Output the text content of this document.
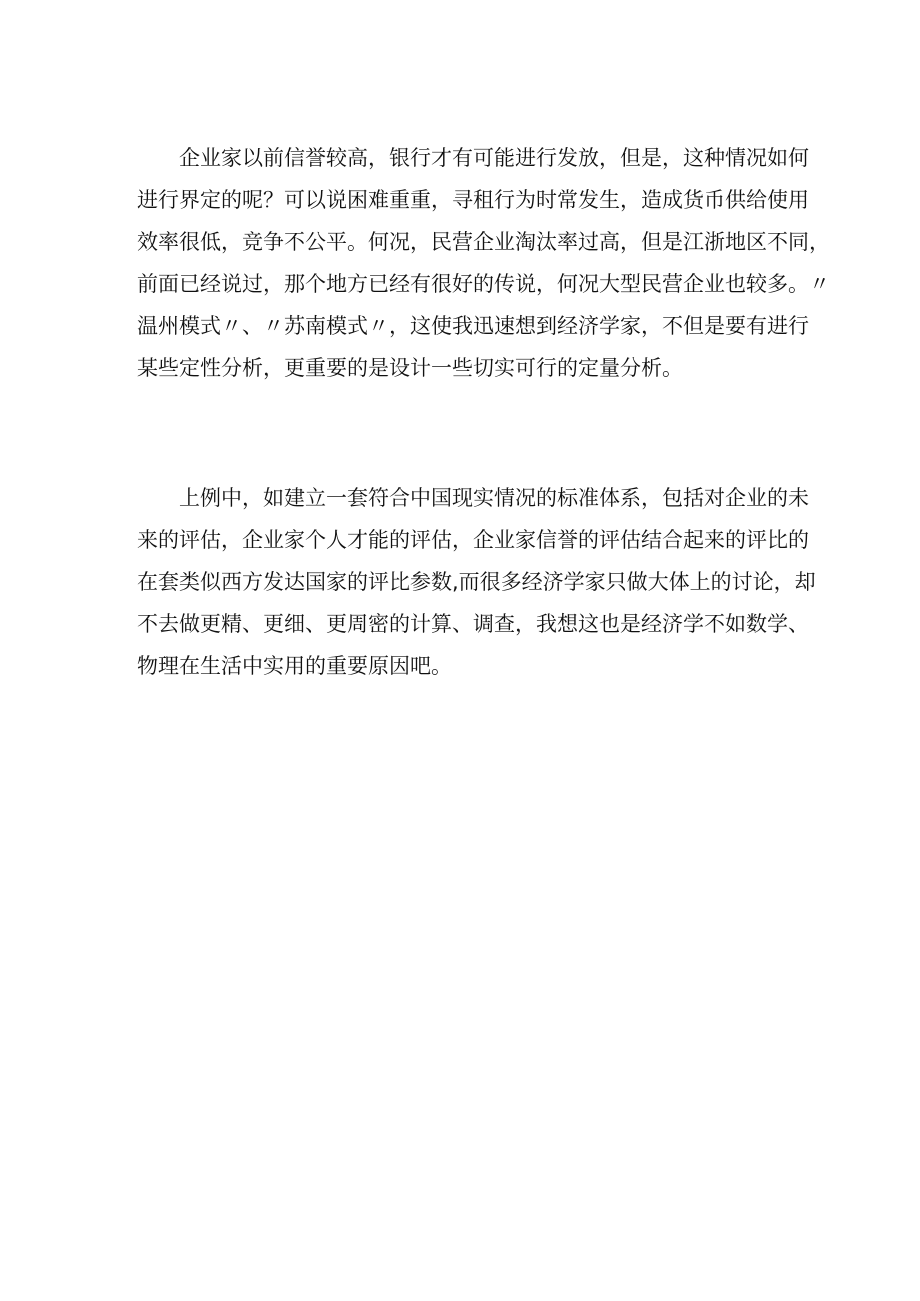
企业家以前信誉较高，银行才有可能进行发放，但是，这种情况如何
进行界定的呢？可以说困难重重，寻租行为时常发生，造成货币供给使用
效率很低，竞争不公平。何况，民营企业淘汰率过高，但是江浙地区不同，
前面已经说过，那个地方已经有很好的传说，何况大型民营企业也较多。〃
温州模式〃、〃苏南模式〃，这使我迅速想到经济学家，不但是要有进行
某些定性分析，更重要的是设计一些切实可行的定量分析。
上例中，如建立一套符合中国现实情况的标准体系，包括对企业的未
来的评估，企业家个人才能的评估，企业家信誉的评估结合起来的评比的
在套类似西方发达国家的评比参数,而很多经济学家只做大体上的讨论，却
不去做更精、更细、更周密的计算、调查，我想这也是经济学不如数学、
物理在生活中实用的重要原因吧。
